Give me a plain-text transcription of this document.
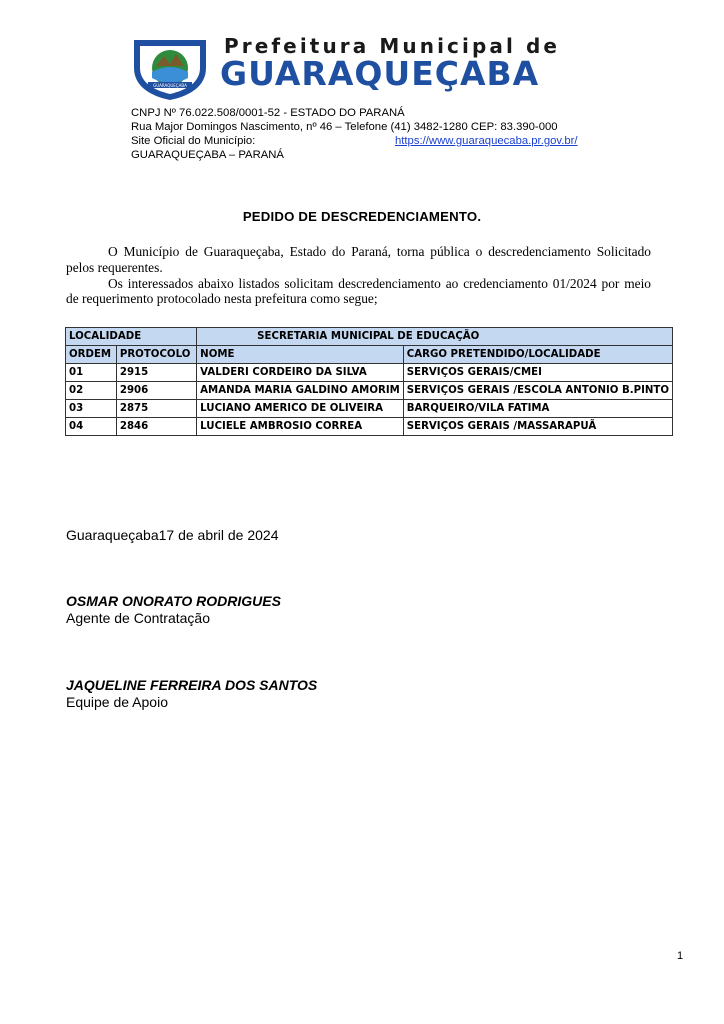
GUARAQUEÇABA
Prefeitura Municipal de
GUARAQUEÇABA
CNPJ Nº 76.022.508/0001-52 - ESTADO DO PARANÁ
Rua Major Domingos Nascimento, nº 46 – Telefone (41) 3482-1280 CEP: 83.390-000
Site Oficial do Município:	https://www.guaraquecaba.pr.gov.br/
GUARAQUEÇABA – PARANÁ
PEDIDO DE DESCREDENCIAMENTO.

O Município de Guaraqueçaba, Estado do Paraná, torna pública o descredenciamento Solicitado pelos requerentes.

Os interessados abaixo listados solicitam descredenciamento ao credenciamento 01/2024 por meio de requerimento protocolado nesta prefeitura como segue;

LOCALIDADE		SECRETARIA MUNICIPAL DE EDUCAÇÃO	
ORDEM	PROTOCOLO	NOME	CARGO PRETENDIDO/LOCALIDADE
01	2915	VALDERI CORDEIRO DA SILVA	SERVIÇOS GERAIS/CMEI
02	2906	AMANDA MARIA GALDINO AMORIM	SERVIÇOS GERAIS /ESCOLA ANTONIO B.PINTO
03	2875	LUCIANO AMERICO DE OLIVEIRA	BARQUEIRO/VILA FATIMA
04	2846	LUCIELE AMBROSIO CORREA	SERVIÇOS GERAIS /MASSARAPUÃ
Guaraqueçaba17 de abril de 2024
OSMAR ONORATO RODRIGUES
Agente de Contratação
JAQUELINE FERREIRA DOS SANTOS
Equipe de Apoio
1
